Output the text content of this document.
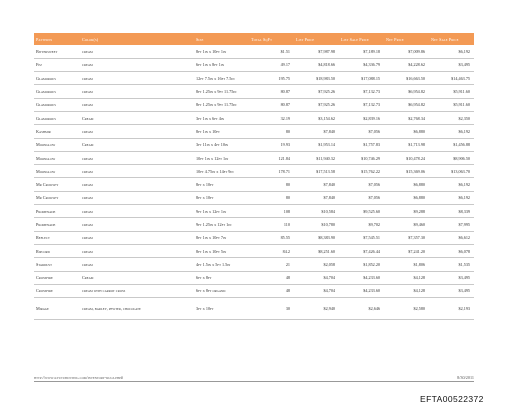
Patterns	Color(s)	Size	Total SqFt	List Price	List Sale Price	Net Price	Net Sale Price
Bittersweet	cream	8ft 1in x 10ft 1in	$1.51	$7,987.98	$7,189.18	$7,009.86	$6,192
Fez	cream	6ft 1in x 8ft 1in	49.17	$4,818.66	$4,336.79	$4,228.62	$3,495
Glamorous	cream	12ft 7.5in x 16ft 7.5in	195.75	$18,983.50	$17,088.15	$16,663.50	$14,463.75
Glamorous	cream	8ft 1.25in x 9ft 11.75in	80.87	$7,925.26	$7,132.73	$6,954.82	$5,911.60
Glamorous	cream	8ft 1.25in x 9ft 11.75in	80.87	$7,925.26	$7,132.73	$6,954.82	$5,911.60
Glamorous	Cream	3ft 1in x 6ft 4in	32.19	$3,154.62	$2,839.16	$2,768.34	$2,350
Kashmir	cream	8ft 1in x 10ft	80	$7,840	$7,056	$6,880	$6,192
Moonglow	Cream	3ft 11in x 4ft 10in	19.93	$1,953.14	$1,757.83	$1,713.98	$1,456.88
Moonglow	cream	10ft 1in x 12ft 1in	121.84	$11,940.32	$10,746.29	$10,478.24	$8,906.50
Moonglow	cream	10ft 4.75in x 14ft 9in	178.71	$17,513.58	$15,762.22	$15,369.06	$13,063.70
Mr Crowley	cream	8ft x 10ft	80	$7,840	$7,056	$6,880	$6,192
Mr Crowley	cream	8ft x 10ft	80	$7,840	$7,056	$6,880	$6,192
Promenade	cream	9ft 1in x 12ft 1in	108	$10,584	$9,525.60	$9,288	$8,339
Promenade	cream	9ft 1.25in x 12ft 1in	110	$10,780	$9,702	$9,460	$7,995
Reflect	cream	8ft 1in x 10ft 7in	85.55	$8,383.90	$7,545.51	$7,357.30	$6,612
Ripcord	cream	8ft 1in x 10ft 5in	84.2	$8,251.60	$7,426.44	$7,241.20	$6,078
Stardust	cream	4ft 1.5in x 5ft 1.5in	21	$2,058	$1,852.20	$1,806	$1,535
Crossfire	Cream	6ft x 8ft	48	$4,704	$4,233.60	$4,128	$3,495
Crossfire	cream with carrot cross	6ft x 8ft organic	48	$4,704	$4,233.60	$4,128	$3,495
Mirage	cream, barley, pewter, chocolate	3ft x 10ft	30	$2,940	$2,646	$2,580	$2,193
http://www.kyutubunting.com/inventory-rugs.php#	8/30/2011
EFTA00522372
